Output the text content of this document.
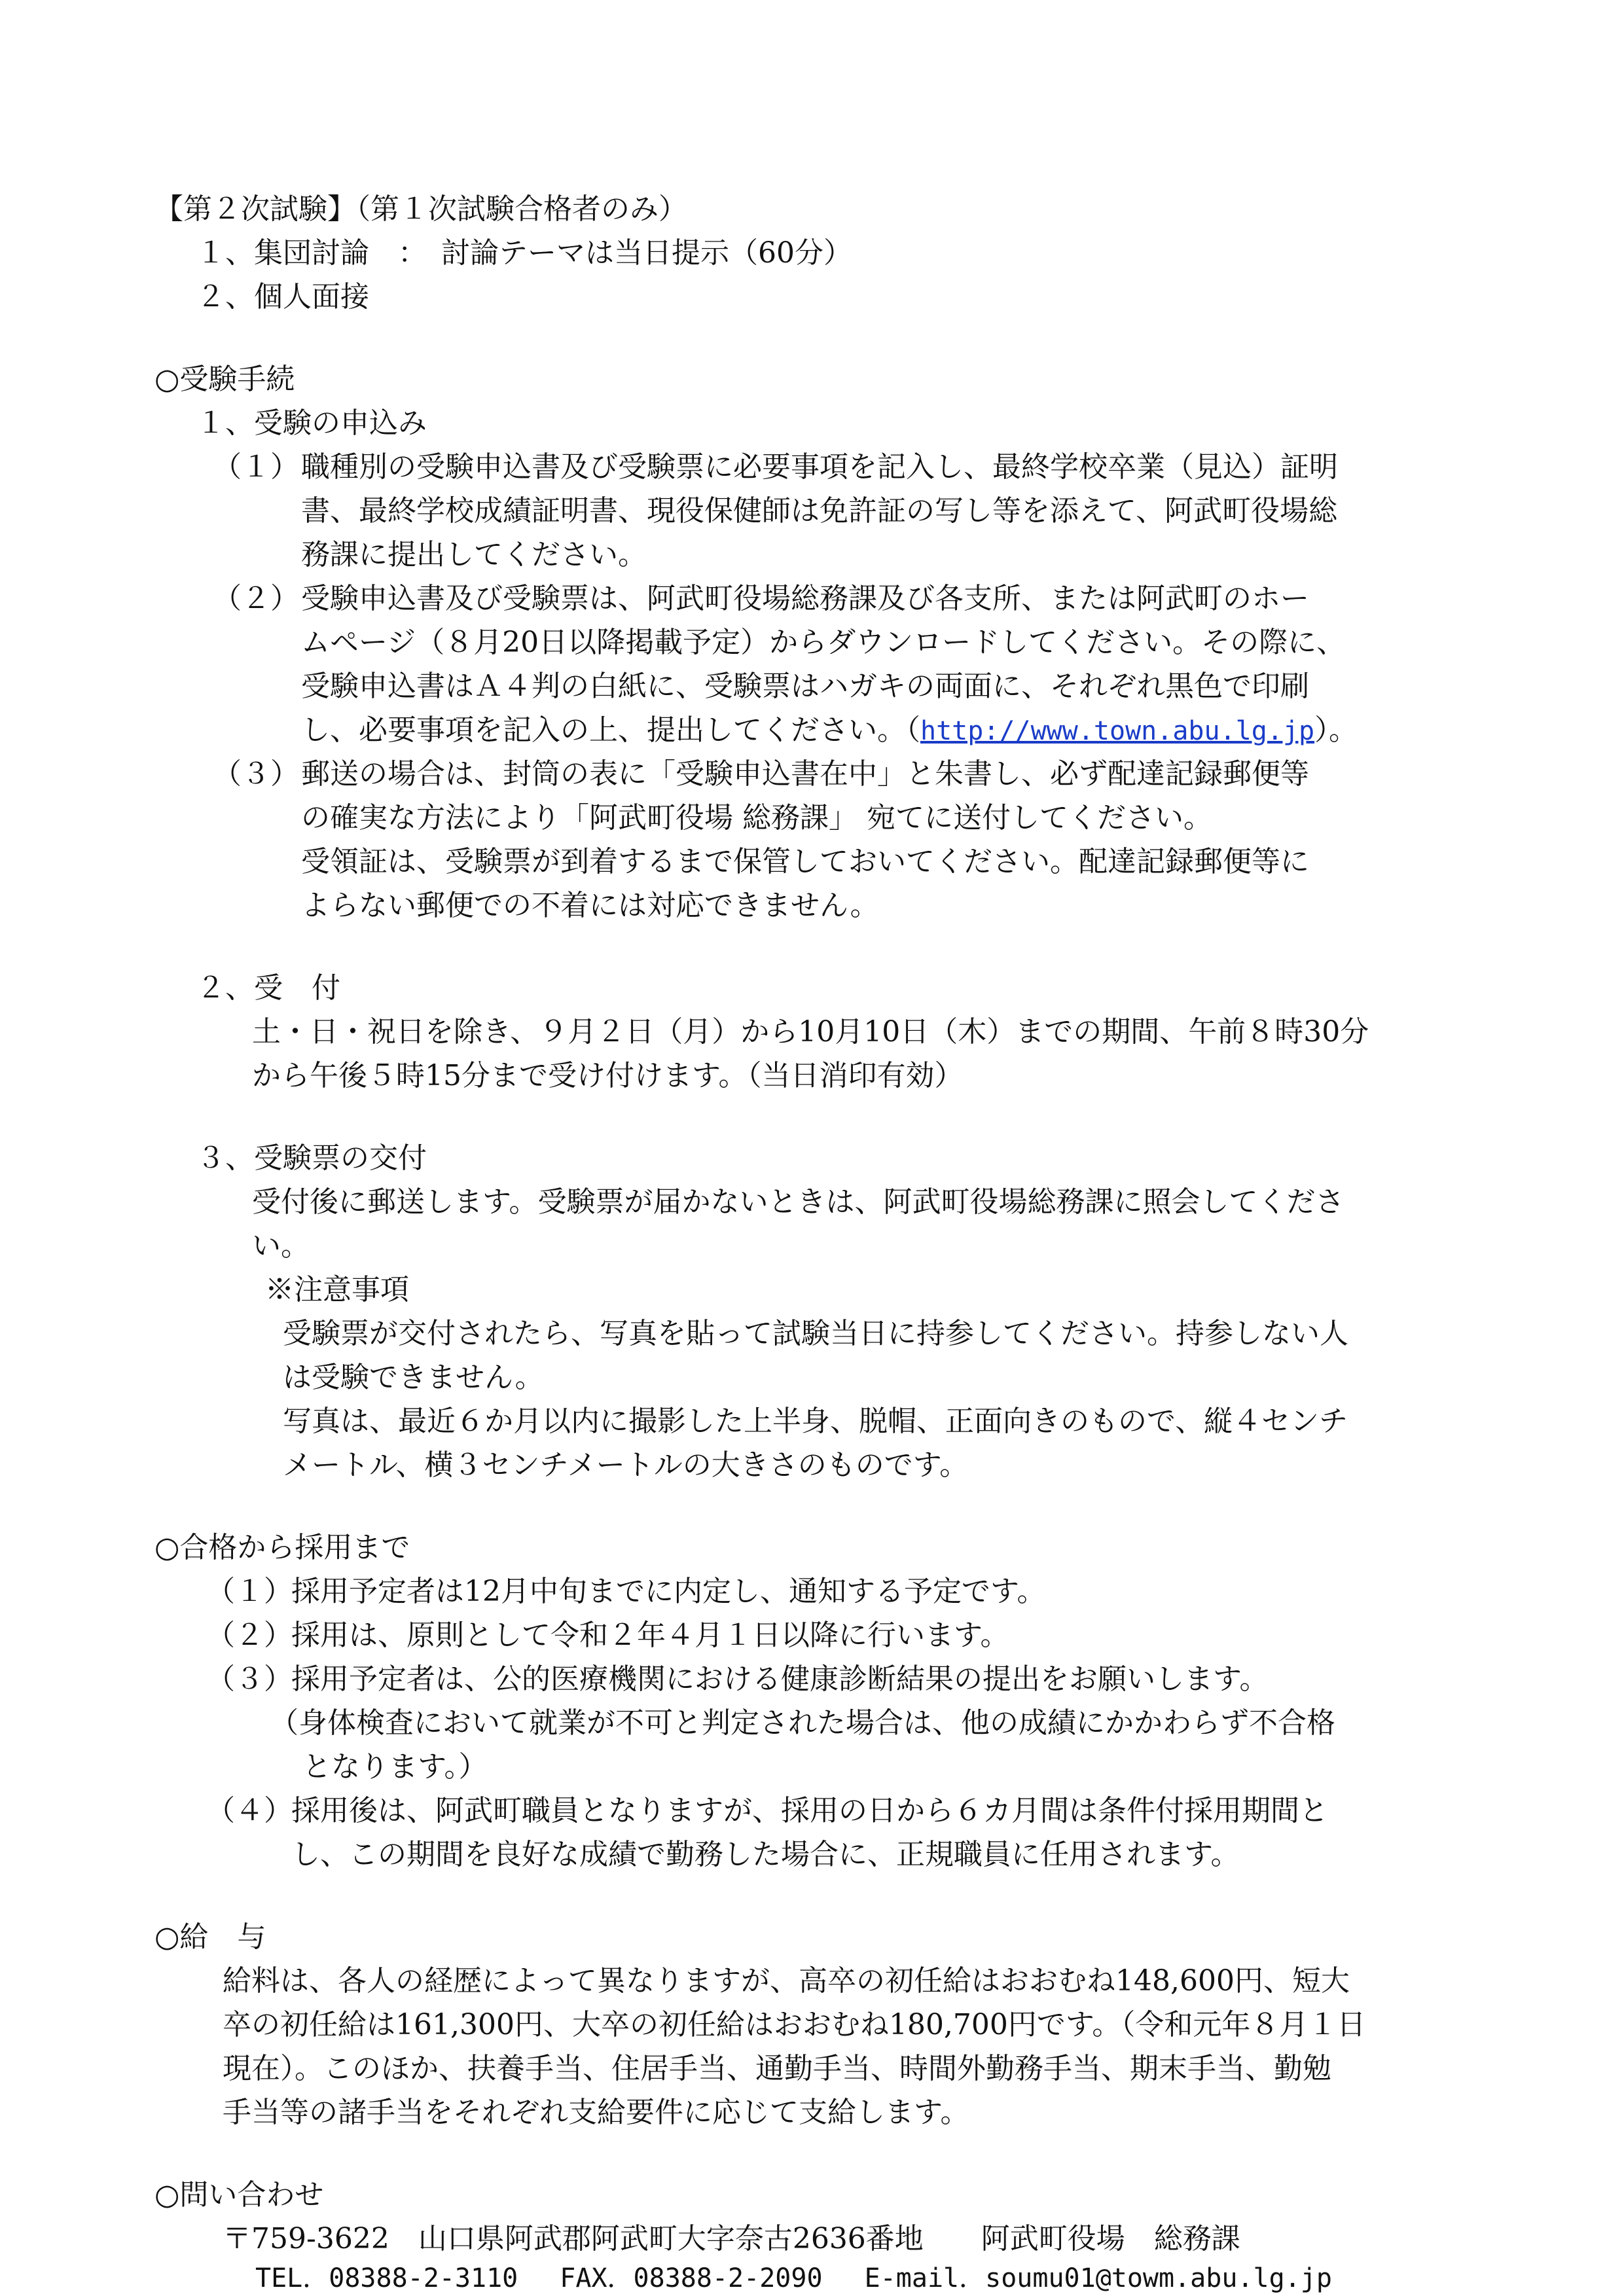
【第２次試験】（第１次試験合格者のみ）
１、集団討論　：　討論テーマは当日提示（60分）
２、個人面接
○受験手続
１、受験の申込み
（１） 職種別の受験申込書及び受験票に必要事項を記入し、最終学校卒業（見込）証明
書、最終学校成績証明書、現役保健師は免許証の写し等を添えて、阿武町役場総
務課に提出してください。
（２） 受験申込書及び受験票は、阿武町役場総務課及び各支所、または阿武町のホー
ムページ（８月20日以降掲載予定）からダウンロードしてください。その際に、
受験申込書はＡ４判の白紙に、受験票はハガキの両面に、それぞれ黒色で印刷
し、必要事項を記入の上、提出してください。（http://www.town.abu.lg.jp）。
（３） 郵送の場合は、封筒の表に「受験申込書在中」と朱書し、必ず配達記録郵便等
の確実な方法により「阿武町役場 総務課」 宛てに送付してください。
受領証は、受験票が到着するまで保管しておいてください。配達記録郵便等に
よらない郵便での不着には対応できません。
２、受　付
土・日・祝日を除き、９月２日（月）から10月10日（木）までの期間、午前８時30分
から午後５時15分まで受け付けます。（当日消印有効）
３、受験票の交付
受付後に郵送します。受験票が届かないときは、阿武町役場総務課に照会してくださ
い。
※注意事項
受験票が交付されたら、写真を貼って試験当日に持参してください。持参しない人
は受験できません。
写真は、最近６か月以内に撮影した上半身、脱帽、正面向きのもので、縦４センチ
メートル、横３センチメートルの大きさのものです。
○合格から採用まで
（１）
採用予定者は12月中旬までに内定し、通知する予定です。
（２）
採用は、原則として令和２年４月１日以降に行います。
（３）
採用予定者は、公的医療機関における健康診断結果の提出をお願いします。
（身体検査において就業が不可と判定された場合は、他の成績にかかわらず不合格
となります。）
（４）
採用後は、阿武町職員となりますが、採用の日から６カ月間は条件付採用期間と
し、この期間を良好な成績で勤務した場合に、正規職員に任用されます。
○給　与
給料は、各人の経歴によって異なりますが、高卒の初任給はおおむね148,600円、短大
卒の初任給は161,300円、大卒の初任給はおおむね180,700円です。（令和元年８月１日
現在）。このほか、扶養手当、住居手当、通勤手当、時間外勤務手当、期末手当、勤勉
手当等の諸手当をそれぞれ支給要件に応じて支給します。
○問い合わせ
〒759-3622　山口県阿武郡阿武町大字奈古2636番地　　阿武町役場　総務課
TEL．08388-2-3110　 FAX．08388-2-2090　 E-mail．soumu01@towm.abu.lg.jp
